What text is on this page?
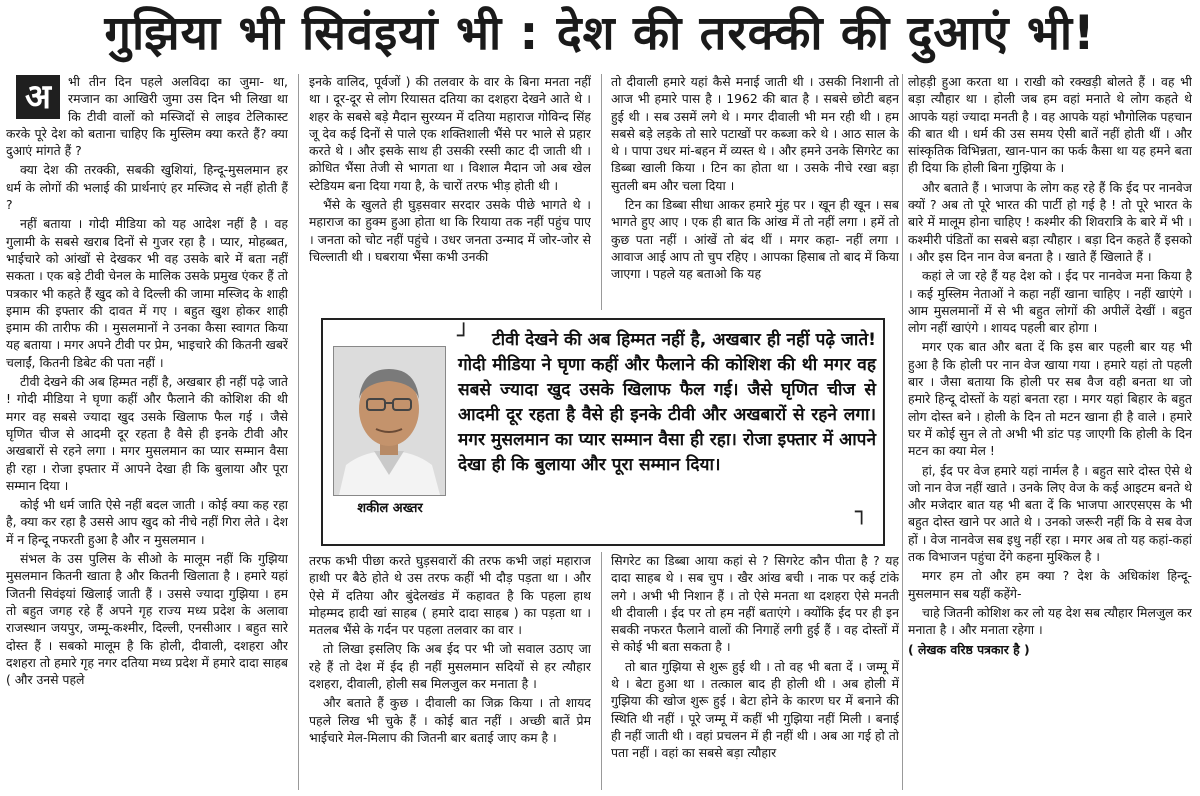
गुझिया भी सिवंइयां भी : देश की तरक्की की दुआएं भी!
अ	भी तीन दिन पहले अलविदा का जुमा- था, रमजान का आखिरी जुमा उस दिन भी लिखा था कि टीवी वालों को मस्जिदों से लाइव टेलिकास्ट करके पूरे देश को बताना चाहिए कि मुस्लिम क्या करते हैं? क्या दुआएं मांगते हैं ?

क्या देश की तरक्की, सबकी खुशियां, हिन्दू-मुसलमान हर धर्म के लोगों की भलाई की प्रार्थनाएं हर मस्जिद से नहीं होती हैं ?

नहीं बताया । गोदी मीडिया को यह आदेश नहीं है । वह गुलामी के सबसे खराब दिनों से गुजर रहा है । प्यार, मोहब्बत, भाईचारे को आंखों से देखकर भी वह उसके बारे में बता नहीं सकता । एक बड़े टीवी चेनल के मालिक उसके प्रमुख एंकर हैं तो पत्रकार भी कहते हैं खुद को वे दिल्ली की जामा मस्जिद के शाही इमाम की इफ्तार की दावत में गए । बहुत खुश होकर शाही इमाम की तारीफ की । मुसलमानों ने उनका कैसा स्वागत किया यह बताया । मगर अपने टीवी पर प्रेम, भाइचारे की कितनी खबरें चलाईं, कितनी डिबेट की पता नहीं ।

टीवी देखने की अब हिम्मत नहीं है, अखबार ही नहीं पढ़े जाते ! गोदी मीडिया ने घृणा कहीं और फैलाने की कोशिश की थी मगर वह सबसे ज्यादा खुद उसके खिलाफ फैल गई । जैसे घृणित चीज से आदमी दूर रहता है वैसे ही इनके टीवी और अखबारों से रहने लगा । मगर मुसलमान का प्यार सम्मान वैसा ही रहा । रोजा इफ्तार में आपने देखा ही कि बुलाया और पूरा सम्मान दिया ।

कोई भी धर्म जाति ऐसे नहीं बदल जाती । कोई क्या कह रहा है, क्या कर रहा है उससे आप खुद को नीचे नहीं गिरा लेते । देश में न हिन्दू नफरती हुआ है और न मुसलमान ।

संभल के उस पुलिस के सीओ के मालूम नहीं कि गुझिया मुसलमान कितनी खाता है और कितनी खिलाता है । हमारे यहां जितनी सिवंइयां खिलाई जाती हैं । उससे ज्यादा गुझिया । हम तो बहुत जगह रहे हैं अपने गृह राज्य मध्य प्रदेश के अलावा राजस्थान जयपुर, जम्मू-कश्मीर, दिल्ली, एनसीआर । बहुत सारे दोस्त हैं । सबको मालूम है कि होली, दीवाली, दशहरा और दशहरा तो हमारे गृह नगर दतिया मध्य प्रदेश में हमारे दादा साहब ( और उनसे पहले

इनके वालिद, पूर्वजों ) की तलवार के वार के बिना मनता नहीं था । दूर-दूर से लोग रियासत दतिया का दशहरा देखने आते थे । शहर के सबसे बड़े मैदान सुरय्यन में दतिया महाराज गोविन्द सिंह जू देव कई दिनों से पाले एक शक्तिशाली भैंसे पर भाले से प्रहार करते थे । और इसके साथ ही उसकी रस्सी काट दी जाती थी । क्रोधित भैंसा तेजी से भागता था । विशाल मैदान जो अब खेल स्टेडियम बना दिया गया है, के चारों तरफ भीड़ होती थी ।

भैंसे के खुलते ही घुड़सवार सरदार उसके पीछे भागते थे । महाराज का हुक्म हुआ होता था कि रियाया तक नहीं पहुंच पाए । जनता को चोट नहीं पहुंचे । उधर जनता उन्माद में जोर-जोर से चिल्लाती थी । घबराया भैंसा कभी उनकी

तो दीवाली हमारे यहां कैसे मनाई जाती थी । उसकी निशानी तो आज भी हमारे पास है । 1962 की बात है । सबसे छोटी बहन हुई थी । सब उसमें लगे थे । मगर दीवाली भी मन रही थी । हम सबसे बड़े लड़के तो सारे पटाखों पर कब्जा करे थे । आठ साल के थे । पापा उधर मां-बहन में व्यस्त थे । और हमने उनके सिगरेट का डिब्बा खाली किया । टिन का होता था । उसके नीचे रखा बड़ा सुतली बम और चला दिया ।

टिन का डिब्बा सीधा आकर हमारे मुंह पर । खून ही खून । सब भागते हुए आए । एक ही बात कि आंख में तो नहीं लगा । हमें तो कुछ पता नहीं । आंखें तो बंद थीं । मगर कहा- नहीं लगा । आवाज आई आप तो चुप रहिए । आपका हिसाब तो बाद में किया जाएगा । पहले यह बताओ कि यह

शकील अख्तर
┘	टीवी देखने की अब हिम्मत नहीं है, अखबार ही नहीं पढ़े जाते! गोदी मीडिया ने घृणा कहीं और फैलाने की कोशिश की थी मगर वह सबसे ज्यादा खुद उसके खिलाफ फैल गई। जैसे घृणित चीज से आदमी दूर रहता है वैसे ही इनके टीवी और अखबारों से रहने लगा। मगर मुसलमान का प्यार सम्मान वैसा ही रहा। रोजा इफ्तार में आपने देखा ही कि बुलाया और पूरा सम्मान दिया।
┐

तरफ कभी पीछा करते घुड़सवारों की तरफ कभी जहां महाराज हाथी पर बैठे होते थे उस तरफ कहीं भी दौड़ पड़ता था । और ऐसे में दतिया और बुंदेलखंड में कहावत है कि पहला हाथ मोहम्मद हादी खां साहब ( हमारे दादा साहब ) का पड़ता था । मतलब भैंसे के गर्दन पर पहला तलवार का वार ।

तो लिखा इसलिए कि अब ईद पर भी जो सवाल उठाए जा रहे हैं तो देश में ईद ही नहीं मुसलमान सदियों से हर त्यौहार दशहरा, दीवाली, होली सब मिलजुल कर मनाता है ।

और बताते हैं कुछ । दीवाली का जिक्र किया । तो शायद पहले लिख भी चुके हैं । कोई बात नहीं । अच्छी बातें प्रेम भाईचारे मेल-मिलाप की जितनी बार बताई जाए कम है ।

सिगरेट का डिब्बा आया कहां से ? सिगरेट कौन पीता है ? यह दादा साहब थे । सब चुप । खैर आंख बची । नाक पर कई टांके लगे । अभी भी निशान हैं । तो ऐसे मनता था दशहरा ऐसे मनती थी दीवाली । ईद पर तो हम नहीं बताएंगे । क्योंकि ईद पर ही इन सबकी नफरत फैलाने वालों की निगाहें लगी हुई हैं । वह दोस्तों में से कोई भी बता सकता है ।

तो बात गुझिया से शुरू हुई थी । तो वह भी बता दें । जम्मू में थे । बेटा हुआ था । तत्काल बाद ही होली थी । अब होली में गुझिया की खोज शुरू हुई । बेटा होने के कारण घर में बनाने की स्थिति थी नहीं । पूरे जम्मू में कहीं भी गुझिया नहीं मिली । बनाई ही नहीं जाती थी । वहां प्रचलन में ही नहीं थी । अब आ गई हो तो पता नहीं । वहां का सबसे बड़ा त्यौहार

लोहड़ी हुआ करता था । राखी को रक्खड़ी बोलते हैं । वह भी बड़ा त्यौहार था । होली जब हम वहां मनाते थे लोग कहते थे आपके यहां ज्यादा मनती है । वह आपके यहां भौगोलिक पहचान की बात थी । धर्म की उस समय ऐसी बातें नहीं होती थीं । और सांस्कृतिक विभिन्नता, खान-पान का फर्क कैसा था यह हमने बता ही दिया कि होली बिना गुझिया के ।

और बताते हैं । भाजपा के लोग कह रहे हैं कि ईद पर नानवेज क्यों ? अब तो पूरे भारत की पार्टी हो गई है ! तो पूरे भारत के बारे में मालूम होना चाहिए ! कश्मीर की शिवरात्रि के बारे में भी । कश्मीरी पंडितों का सबसे बड़ा त्यौहार । बड़ा दिन कहते हैं इसको । और इस दिन नान वेज बनता है । खाते हैं खिलाते हैं ।

कहां ले जा रहे हैं यह देश को । ईद पर नानवेज मना किया है । कई मुस्लिम नेताओं ने कहा नहीं खाना चाहिए । नहीं खाएंगे । आम मुसलमानों में से भी बहुत लोगों की अपीलें देखीं । बहुत लोग नहीं खाएंगे । शायद पहली बार होगा ।

मगर एक बात और बता दें कि इस बार पहली बार यह भी हुआ है कि होली पर नान वेज खाया गया । हमारे यहां तो पहली बार । जैसा बताया कि होली पर सब वैज वही बनता था जो हमारे हिन्दू दोस्तों के यहां बनता रहा । मगर यहां बिहार के बहुत लोग दोस्त बने । होली के दिन तो मटन खाना ही है वाले । हमारे घर में कोई सुन ले तो अभी भी डांट पड़ जाएगी कि होली के दिन मटन का क्या मेल !

हां, ईद पर वेज हमारे यहां नार्मल है । बहुत सारे दोस्त ऐसे थे जो नान वेज नहीं खाते । उनके लिए वेज के कई आइटम बनते थे और मजेदार बात यह भी बता दें कि भाजपा आरएसएस के भी बहुत दोस्त खाने पर आते थे । उनको जरूरी नहीं कि वे सब वेज हों । वेज नानवेज सब इधु नहीं रहा । मगर अब तो यह कहां-कहां तक विभाजन पहुंचा देंगे कहना मुश्किल है ।

मगर हम तो और हम क्या ? देश के अधिकांश हिन्दू- मुसलमान सब यहीं कहेंगे-

चाहे जितनी कोशिश कर लो यह देश सब त्यौहार मिलजुल कर मनाता है । और मनाता रहेगा ।

( लेखक वरिष्ठ पत्रकार है )
